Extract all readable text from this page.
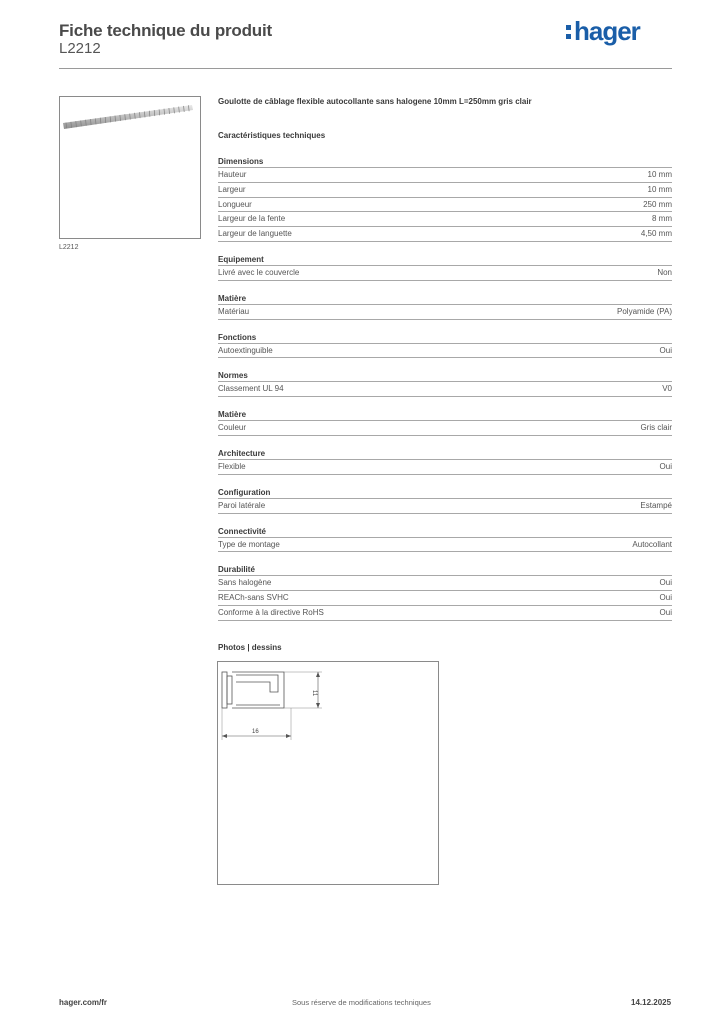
Fiche technique du produit
L2212
hager
L2212
Goulotte de câblage flexible autocollante sans halogene 10mm L=250mm gris clair
Caractéristiques techniques
Dimensions
Hauteur	10 mm
Largeur	10 mm
Longueur	250 mm
Largeur de la fente	8 mm
Largeur de languette	4,50 mm
Equipement
Livré avec le couvercle	Non
Matière
Matériau	Polyamide (PA)
Fonctions
Autoextinguible	Oui
Normes
Classement UL 94	V0
Matière
Couleur	Gris clair
Architecture
Flexible	Oui
Configuration
Paroi latérale	Estampé
Connectivité
Type de montage	Autocollant
Durabilité
Sans halogène	Oui
REACh-sans SVHC	Oui
Conforme à la directive RoHS	Oui
Photos | dessins
11
16
hager.com/fr	Sous réserve de modifications techniques	14.12.2025
